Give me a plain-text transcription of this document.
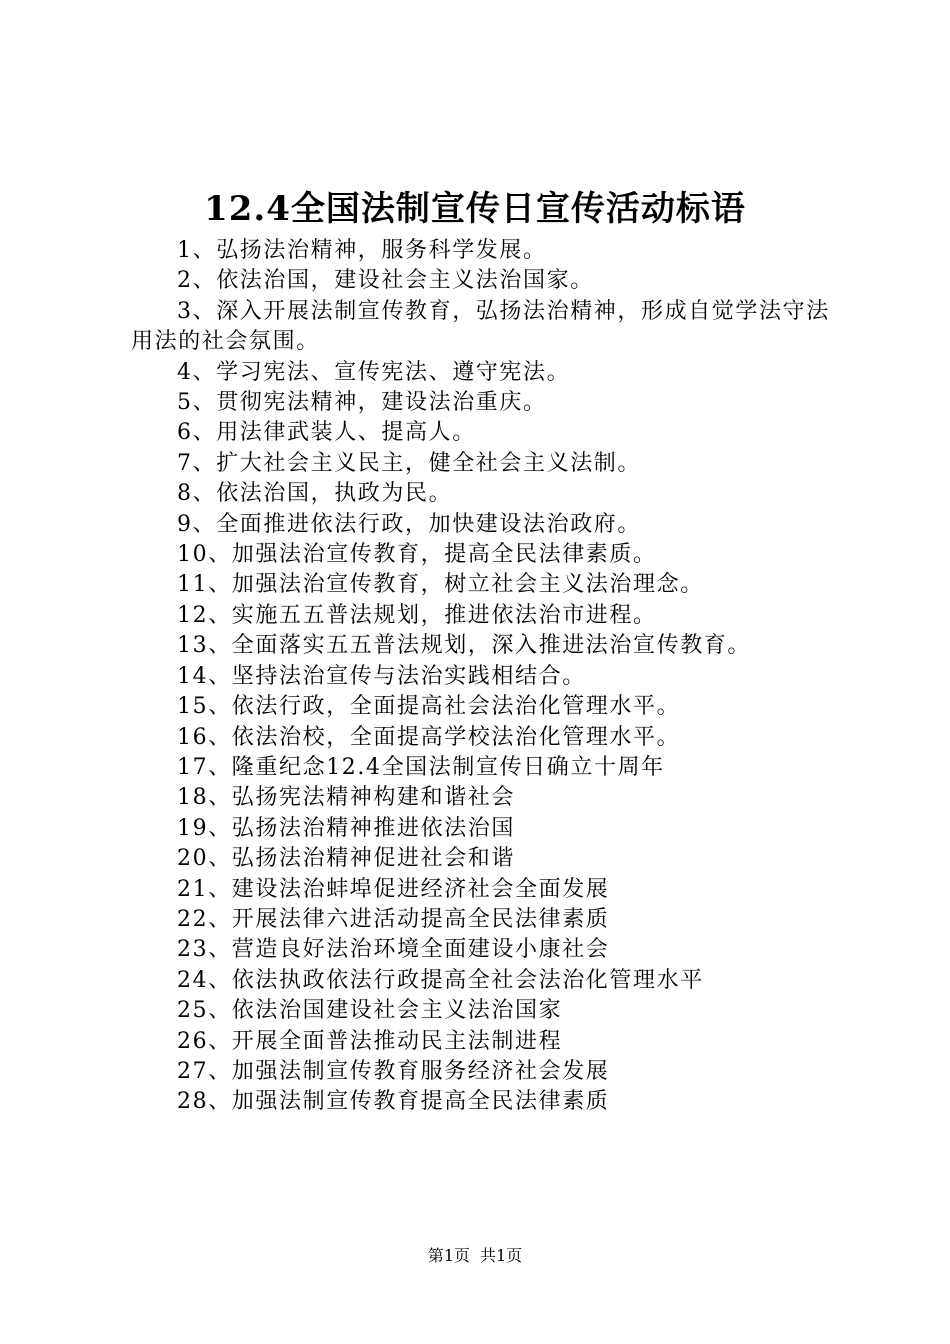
12.4全国法制宣传日宣传活动标语

1、弘扬法治精神，服务科学发展。

2、依法治国，建设社会主义法治国家。

3、深入开展法制宣传教育，弘扬法治精神，形成自觉学法守法用法的社会氛围。

4、学习宪法、宣传宪法、遵守宪法。

5、贯彻宪法精神，建设法治重庆。

6、用法律武装人、提高人。

7、扩大社会主义民主，健全社会主义法制。

8、依法治国，执政为民。

9、全面推进依法行政，加快建设法治政府。

10、加强法治宣传教育，提高全民法律素质。

11、加强法治宣传教育，树立社会主义法治理念。

12、实施五五普法规划，推进依法治市进程。

13、全面落实五五普法规划，深入推进法治宣传教育。

14、坚持法治宣传与法治实践相结合。

15、依法行政，全面提高社会法治化管理水平。

16、依法治校，全面提高学校法治化管理水平。

17、隆重纪念12.4全国法制宣传日确立十周年

18、弘扬宪法精神构建和谐社会

19、弘扬法治精神推进依法治国

20、弘扬法治精神促进社会和谐

21、建设法治蚌埠促进经济社会全面发展

22、开展法律六进活动提高全民法律素质

23、营造良好法治环境全面建设小康社会

24、依法执政依法行政提高全社会法治化管理水平

25、依法治国建设社会主义法治国家

26、开展全面普法推动民主法制进程

27、加强法制宣传教育服务经济社会发展

28、加强法制宣传教育提高全民法律素质

第1页 共1页
